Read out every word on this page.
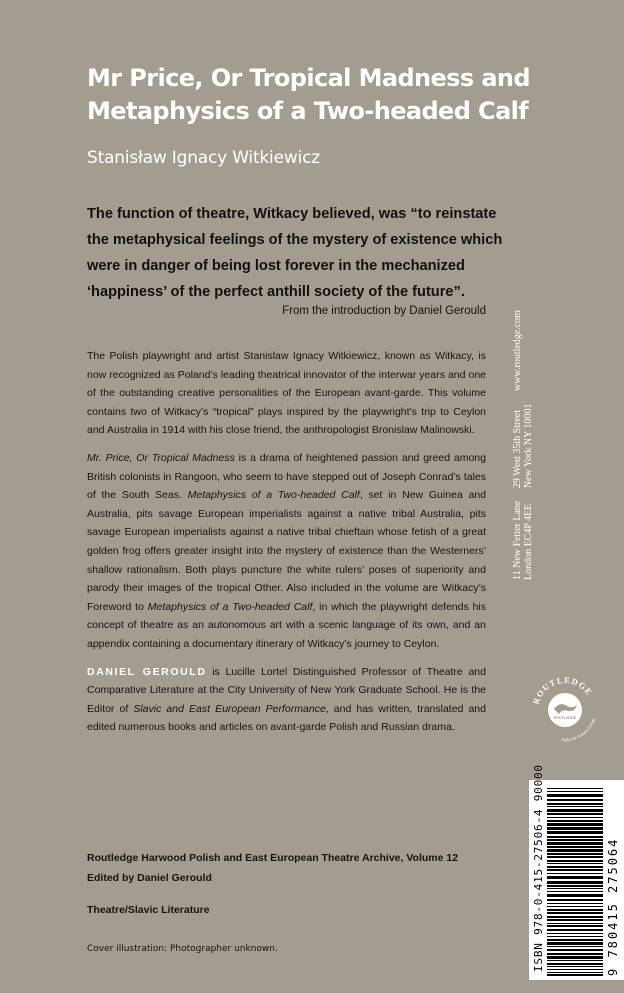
Mr Price, Or Tropical Madness and
Metaphysics of a Two-headed Calf
Stanisław Ignacy Witkiewicz
The function of theatre, Witkacy believed, was “to reinstate the metaphysical feelings of the mystery of existence which were in danger of being lost forever in the mechanized ‘happiness’ of the perfect anthill society of the future”.
From the introduction by Daniel Gerould

The Polish playwright and artist Stanislaw Ignacy Witkiewicz, known as Witkacy, is now recognized as Poland’s leading theatrical innovator of the interwar years and one of the outstanding creative personalities of the European avant-garde. This volume contains two of Witkacy’s “tropical” plays inspired by the playwright’s trip to Ceylon and Australia in 1914 with his close friend, the anthropologist Bronislaw Malinowski.

Mr. Price, Or Tropical Madness is a drama of heightened passion and greed among British colonists in Rangoon, who seem to have stepped out of Joseph Conrad’s tales of the South Seas. Metaphysics of a Two-headed Calf, set in New Guinea and Australia, pits savage European imperialists against a native tribal Australia, pits savage European imperialists against a native tribal chieftain whose fetish of a great golden frog offers greater insight into the mystery of existence than the Westerners’ shallow rationalism. Both plays puncture the white rulers’ poses of superiority and parody their images of the tropical Other. Also included in the volume are Witkacy’s Foreword to Metaphysics of a Two-headed Calf, in which the playwright defends his concept of theatre as an autonomous art with a scenic language of its own, and an appendix containing a documentary itinerary of Witkacy’s journey to Ceylon.

DANIEL GEROULD is Lucille Lortel Distinguished Professor of Theatre and Comparative Literature at the City University of New York Graduate School. He is the Editor of Slavic and East European Performance, and has written, translated and edited numerous books and articles on avant-garde Polish and Russian drama.

Routledge Harwood Polish and East European Theatre Archive, Volume 12
Edited by Daniel Gerould
Theatre/Slavic Literature
Cover illustration: Photographer unknown.
11 New Fetter Lane London EC4P 4EE

29 West 35th Street New York NY 10001

www.routledge.com
ROUTLEDGE
ROUTLEDGE
Taylor & Francis Group
ISBN 978-0-415-27506-4 90000
9 780415 275064
